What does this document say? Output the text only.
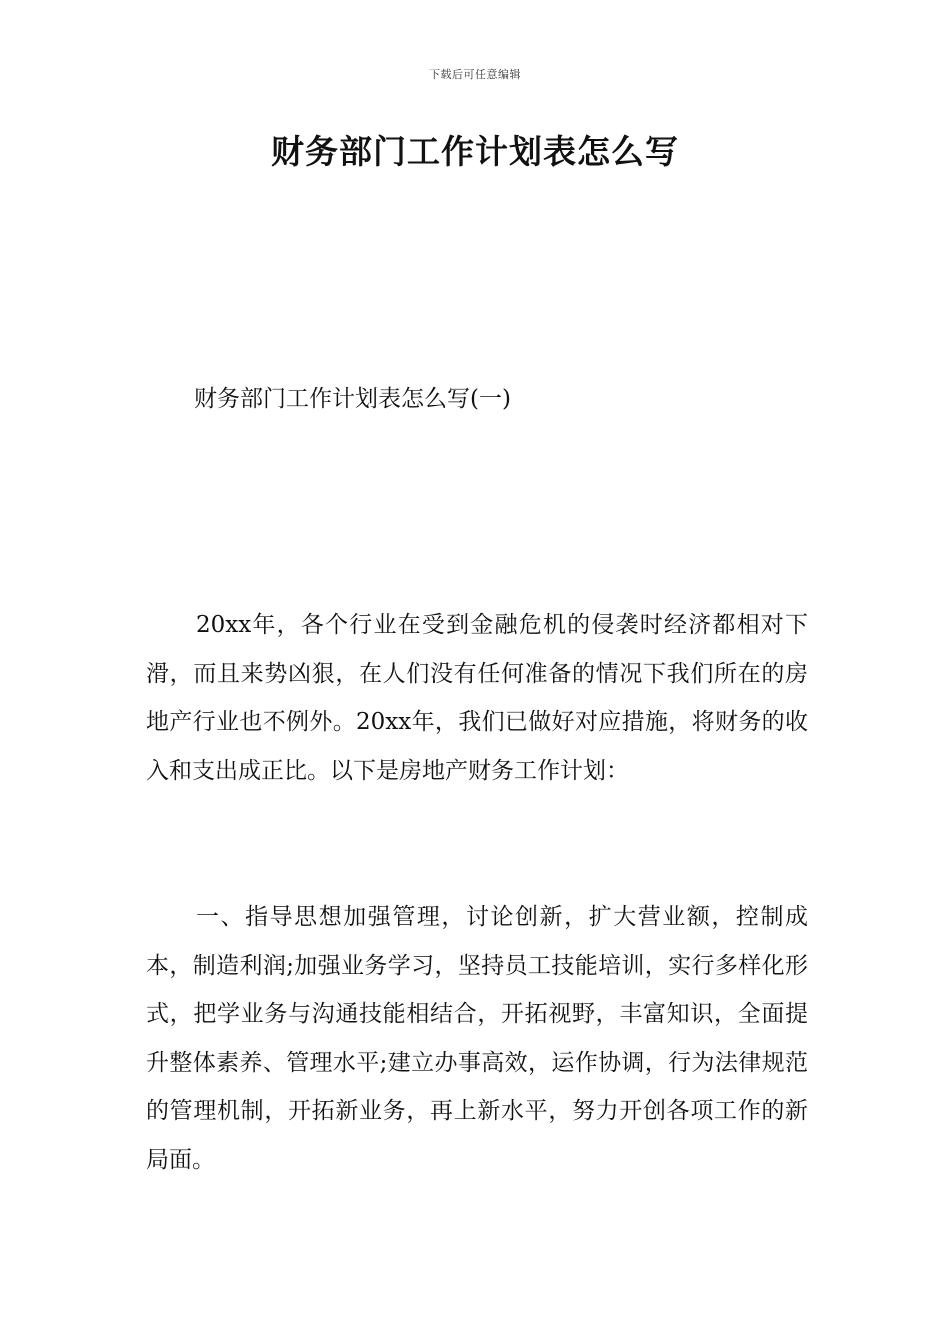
下载后可任意编辑
财务部门工作计划表怎么写
财务部门工作计划表怎么写(一)

20xx年，各个行业在受到金融危机的侵袭时经济都相对下滑，而且来势凶狠，在人们没有任何准备的情况下我们所在的房地产行业也不例外。20xx年，我们已做好对应措施，将财务的收入和支出成正比。以下是房地产财务工作计划：

一、指导思想加强管理，讨论创新，扩大营业额，控制成本，制造利润;加强业务学习，坚持员工技能培训，实行多样化形式，把学业务与沟通技能相结合，开拓视野，丰富知识，全面提升整体素养、管理水平;建立办事高效，运作协调，行为法律规范的管理机制，开拓新业务，再上新水平，努力开创各项工作的新局面。
